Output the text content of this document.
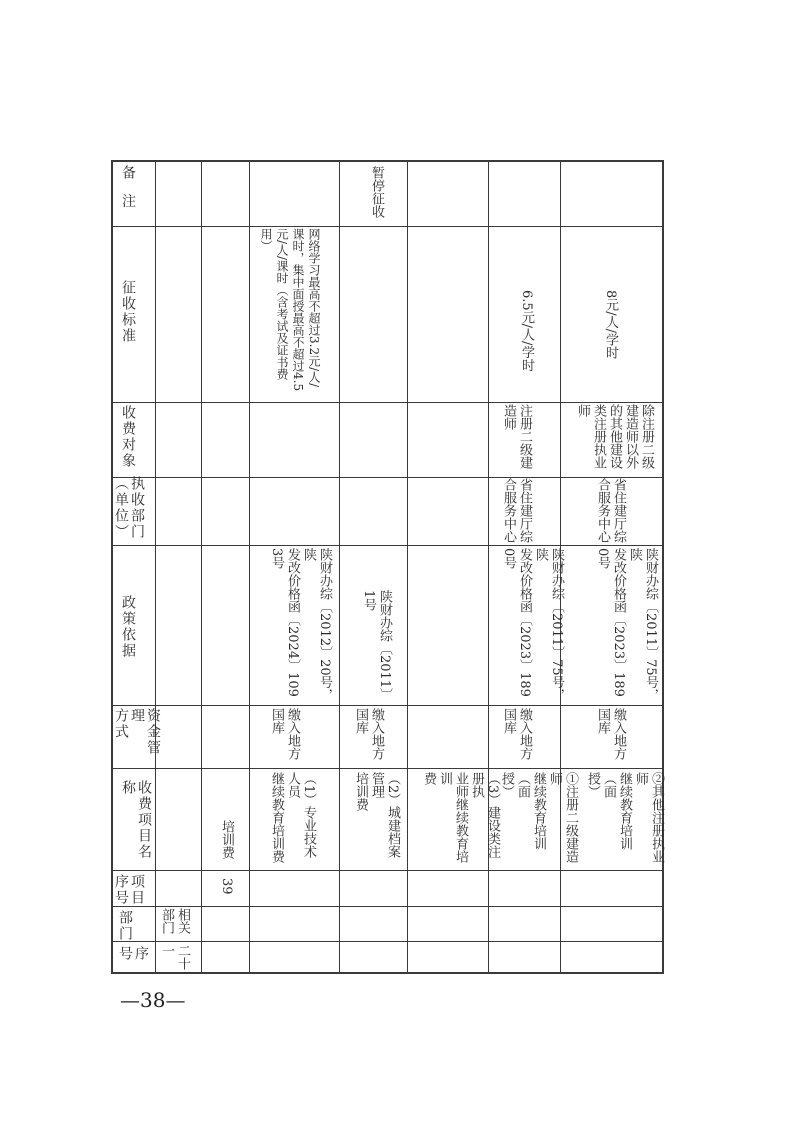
序号
部门
项目
序号
收费项目名称
资金管理
方式
政策依据
执收部门
（单位）
收费对象
征收标准
备  注
二十
一
相关
部门
39
培训费	（1）专业技术人员
继续教育培训费
缴入地方
国库
陕财办综〔2012〕20号，陕
发改价格函〔2024〕1093号
网络学习最高不超过3.2元/人/
课时，集中面授最高不超过4.5
元/人/课时（含考试及证书费
用）
（2）城建档案管理
培训费
缴入地方
国库
陕财办综〔2011〕1号
暂停征收
（3）建设类注册执
业师继续教育培训
费	①注册二级建造师
继续教育培训（面
授）
缴入地方
国库
陕财办综〔2011〕75号，陕
发改价格函〔2023〕1890号
省住建厅综
合服务中心
注册二级建
造师
6.5元/人/学时
②其他注册执业师
继续教育培训（面
授）
缴入地方
国库
陕财办综〔2011〕75号，陕
发改价格函〔2023〕1890号
省住建厅综
合服务中心
除注册二级
建造师以外
的其他建设
类注册执业
师
8元/人/学时
—38—
